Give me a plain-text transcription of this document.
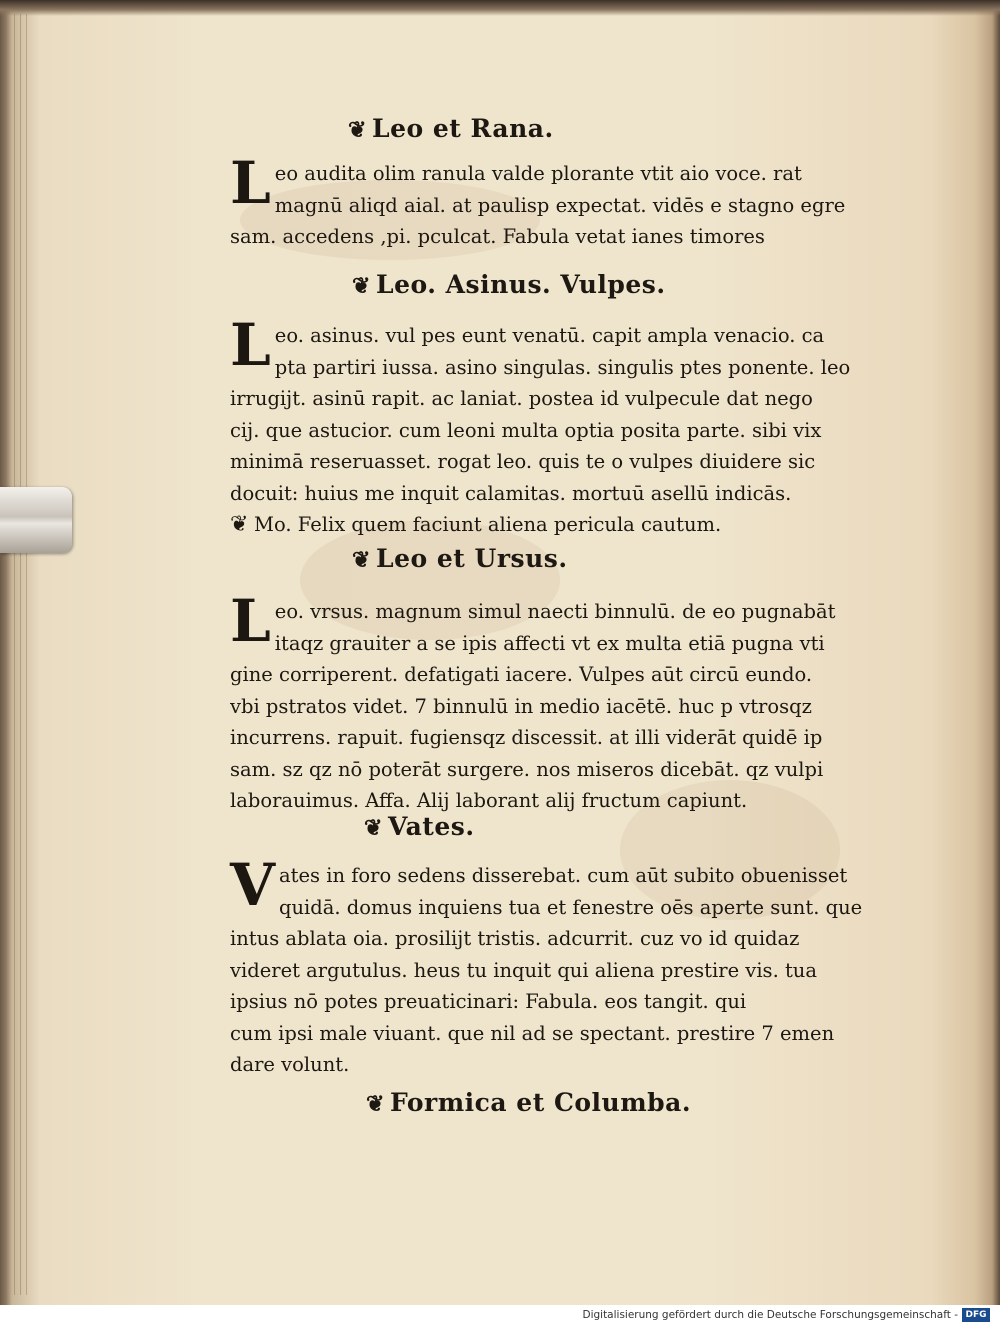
❦ Leo et Rana.
L eo audita olim ranula valde plorante vtit aio voce. rat
magnū aliqd aial. at paulisp expectat. vidēs e stagno egre
sam. accedens ,pi. pculcat. Fabula vetat ianes timores
❦ Leo. Asinus. Vulpes.
L eo. asinus. vul pes eunt venatū. capit ampla venacio. ca
pta partiri iussa. asino singulas. singulis ptes ponente. leo
irrugijt. asinū rapit. ac laniat. postea id vulpecule dat nego
cij. que astucior. cum leoni multa optia posita parte. sibi vix
minimā reseruasset. rogat leo. quis te o vulpes diuidere sic
docuit: huius me inquit calamitas. mortuū asellū indicās.
❦ Mo. Felix quem faciunt aliena pericula cautum.
❦ Leo et Ursus.
L eo. vrsus. magnum simul naecti binnulū. de eo pugnabāt
itaqz grauiter a se ipis affecti vt ex multa etiā pugna vti
gine corriperent. defatigati iacere. Vulpes aūt circū eundo.
vbi pstratos videt. 7 binnulū in medio iacētē. huc p vtrosqz
incurrens. rapuit. fugiensqz discessit. at illi viderāt quidē ip
sam. sz qz nō poterāt surgere. nos miseros dicebāt. qz vulpi
laborauimus. Affa. Alij laborant alij fructum capiunt.
❦ Vates.
V ates in foro sedens disserebat. cum aūt subito obuenisset
quidā. domus inquiens tua et fenestre oēs aperte sunt. que
intus ablata oia. prosilijt tristis. adcurrit. cuz vo id quidaz
videret argutulus. heus tu inquit qui aliena prestire vis. tua
ipsius nō potes preuaticinari: Fabula. eos tangit. qui
cum ipsi male viuant. que nil ad se spectant. prestire 7 emen
dare volunt.
❦ Formica et Columba.
Digitalisierung gefördert durch die Deutsche Forschungsgemeinschaft - DFG
